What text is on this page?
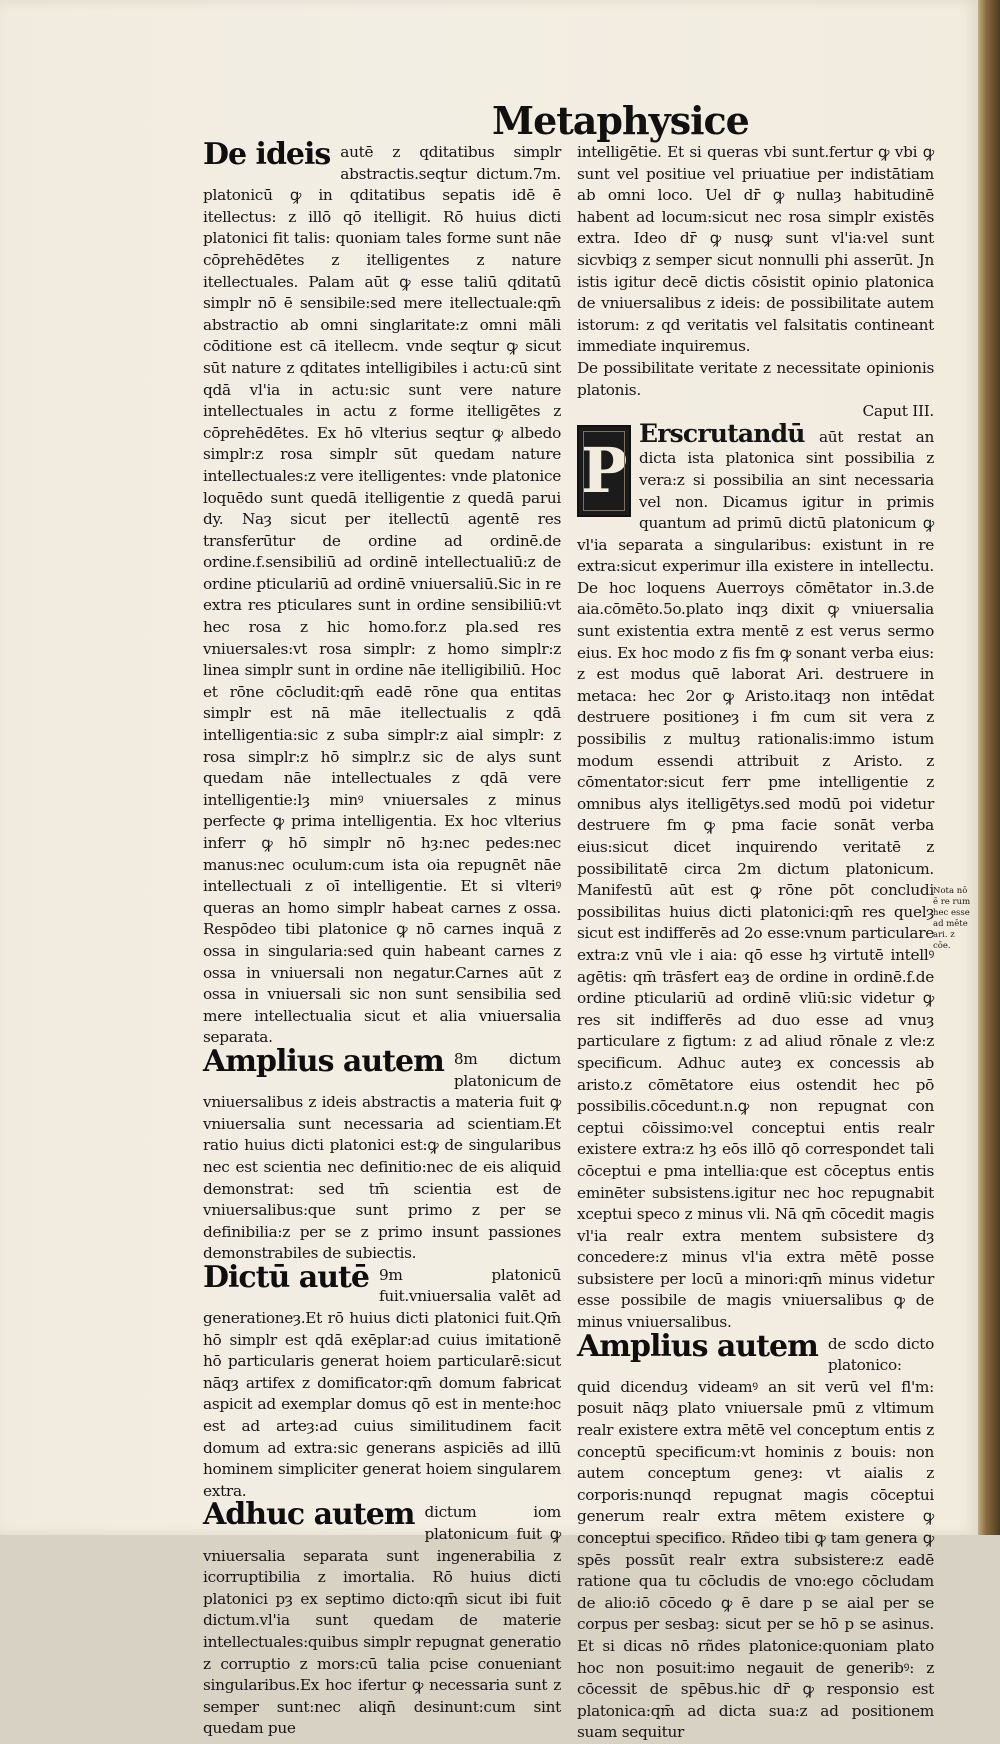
Metaphysice

De ideis autē z qditatibus simplr abstractis.seqtur dictum.7m. platonicū ꝙ in qditatibus sepatis idē ē itellectus: z illō qō itelligit. Rō huius dicti platonici fit talis: quoniam tales forme sunt nāe cōprehēdētes z itelligentes z nature itellectuales. Palam aūt ꝙ esse taliū qditatū simplr nō ē sensibile:sed mere itellectuale:qm̄ abstractio ab omni singlaritate:z omni māli cōditione est cā itellecm. vnde seqtur ꝙ sicut sūt nature z qditates intelligibiles i actu:cū sint qdā vl'ia in actu:sic sunt vere nature intellectuales in actu z forme itelligētes z cōprehēdētes. Ex hō vlterius seqtur ꝙ albedo simplr:z rosa simplr sūt quedam nature intellectuales:z vere itelligentes: vnde platonice loquēdo sunt quedā itelligentie z quedā parui dy. Naȝ sicut per itellectū agentē res transferūtur de ordine ad ordinē.de ordine.f.sensibiliū ad ordinē intellectualiū:z de ordine pticulariū ad ordinē vniuersaliū.Sic in re extra res pticulares sunt in ordine sensibiliū:vt hec rosa z hic homo.for.z pla.sed res vniuersales:vt rosa simplr: z homo simplr:z linea simplr sunt in ordine nāe itelligibiliū. Hoc et rōne cōcludit:qm̄ eadē rōne qua entitas simplr est nā māe itellectualis z qdā intelligentia:sic z suba simplr:z aial simplr: z rosa simplr:z hō simplr.z sic de alys sunt quedam nāe intellectuales z qdā vere intelligentie:lȝ minꝰ vniuersales z minus perfecte ꝙ prima intelligentia. Ex hoc vlterius inferr ꝙ hō simplr nō hȝ:nec pedes:nec manus:nec oculum:cum ista oia repugnēt nāe intellectuali z oī intelligentie. Et si vlteriꝰ queras an homo simplr habeat carnes z ossa. Respōdeo tibi platonice ꝙ nō carnes inquā z ossa in singularia:sed quin habeant carnes z ossa in vniuersali non negatur.Carnes aūt z ossa in vniuersali sic non sunt sensibilia sed mere intellectualia sicut et alia vniuersalia separata.

Amplius autem 8m dictum platonicum de vniuersalibus z ideis abstractis a materia fuit ꝙ vniuersalia sunt necessaria ad scientiam.Et ratio huius dicti platonici est:ꝙ de singularibus nec est scientia nec definitio:nec de eis aliquid demonstrat: sed tm̄ scientia est de vniuersalibus:que sunt primo z per se definibilia:z per se z primo insunt passiones demonstrabiles de subiectis.

Dictū autē 9m platonicū fuit.vniuersalia valēt ad generationeȝ.Et rō huius dicti platonici fuit.Qm̄ hō simplr est qdā exēplar:ad cuius imitationē hō particularis generat hoiem particularē:sicut nāqȝ artifex z domificator:qm̄ domum fabricat aspicit ad exemplar domus qō est in mente:hoc est ad arteȝ:ad cuius similitudinem facit domum ad extra:sic generans aspiciēs ad illū hominem simpliciter generat hoiem singularem extra.

Adhuc autem dictum iom platonicum fuit ꝙ vniuersalia separata sunt ingenerabilia z icorruptibilia z imortalia. Rō huius dicti platonici pȝ ex septimo dicto:qm̄ sicut ibi fuit dictum.vl'ia sunt quedam de materie intellectuales:quibus simplr repugnat generatio z corruptio z mors:cū talia pcise conueniant singularibus.Ex hoc ifertur ꝙ necessaria sunt z semper sunt:nec aliqn̄ desinunt:cum sint quedam pue

intelligētie. Et si queras vbi sunt.fertur ꝙ vbi ꝙ sunt vel positiue vel priuatiue per indistātiam ab omni loco. Uel dr̄ ꝙ nullaȝ habitudinē habent ad locum:sicut nec rosa simplr existēs extra. Ideo dr̄ ꝙ nusꝙ sunt vl'ia:vel sunt sicvbiqȝ z semper sicut nonnulli phi asserūt. Jn istis igitur decē dictis cōsistit opinio platonica de vniuersalibus z ideis: de possibilitate autem istorum: z qd veritatis vel falsitatis contineant immediate inquiremus.

De possibilitate veritate z necessitate opinionis platonis.

Caput III.

P
Erscrutandū aūt restat an dicta ista platonica sint possibilia z vera:z si possibilia an sint necessaria vel non. Dicamus igitur in primis quantum ad primū dictū platonicum ꝙ vl'ia separata a singularibus: existunt in re extra:sicut experimur illa existere in intellectu. De hoc loquens Auerroys cōmētator in.3.de aia.cōmēto.5o.plato inqȝ dixit ꝙ vniuersalia sunt existentia extra mentē z est verus sermo eius. Ex hoc modo z fis fm ꝙ sonant verba eius: z est modus quē laborat Ari. destruere in metaca: hec 2or ꝙ Aristo.itaqȝ non intēdat destruere positioneȝ i fm cum sit vera z possibilis z multuȝ rationalis:immo istum modum essendi attribuit z Aristo. z cōmentator:sicut ferr pme intelligentie z omnibus alys itelligētys.sed modū poi videtur destruere fm ꝙ pma facie sonāt verba eius:sicut dicet inquirendo veritatē z possibilitatē circa 2m dictum platonicum. Manifestū aūt est ꝙ rōne pōt concludi possibilitas huius dicti platonici:qm̄ res quelȝ sicut est indifferēs ad 2o esse:vnum particulare extra:z vnū vle i aia: qō esse hȝ virtutē intellꝰ agētis: qm̄ trāsfert eaȝ de ordine in ordinē.f.de ordine pticulariū ad ordinē vliū:sic videtur ꝙ res sit indifferēs ad duo esse ad vnuȝ particulare z figtum: z ad aliud rōnale z vle:z specificum. Adhuc auteȝ ex concessis ab aristo.z cōmētatore eius ostendit hec pō possibilis.cōcedunt.n.ꝙ non repugnat con ceptui cōissimo:vel conceptui entis realr existere extra:z hȝ eōs illō qō correspondet tali cōceptui e pma intellia:que est cōceptus entis eminēter subsistens.igitur nec hoc repugnabit xceptui speco z minus vli. Nā qm̄ cōcedit magis vl'ia realr extra mentem subsistere dȝ concedere:z minus vl'ia extra mētē posse subsistere per locū a minori:qm̄ minus videtur esse possibile de magis vniuersalibus ꝙ de minus vniuersalibus.

Amplius autem de scdo dicto platonico: quid dicenduȝ videamꝰ an sit verū vel fl'm: posuit nāqȝ plato vniuersale pmū z vltimum realr existere extra mētē vel conceptum entis z conceptū specificum:vt hominis z bouis: non autem conceptum geneȝ: vt aialis z corporis:nunqd repugnat magis cōceptui generum realr extra mētem existere ꝙ conceptui specifico. Rñdeo tibi ꝙ tam genera ꝙ spēs possūt realr extra subsistere:z eadē ratione qua tu cōcludis de vno:ego cōcludam de alio:iō cōcedo ꝙ ē dare p se aial per se corpus per sesbaȝ: sicut per se hō p se asinus. Et si dicas nō rñdes platonice:quoniam plato hoc non posuit:imo negauit de generibꝰ: z cōcessit de spēbus.hic dr̄ ꝙ responsio est platonica:qm̄ ad dicta sua:z ad positionem suam sequitur

Nota nō ē re rum hec esse ad mēte ari. z cōe.
